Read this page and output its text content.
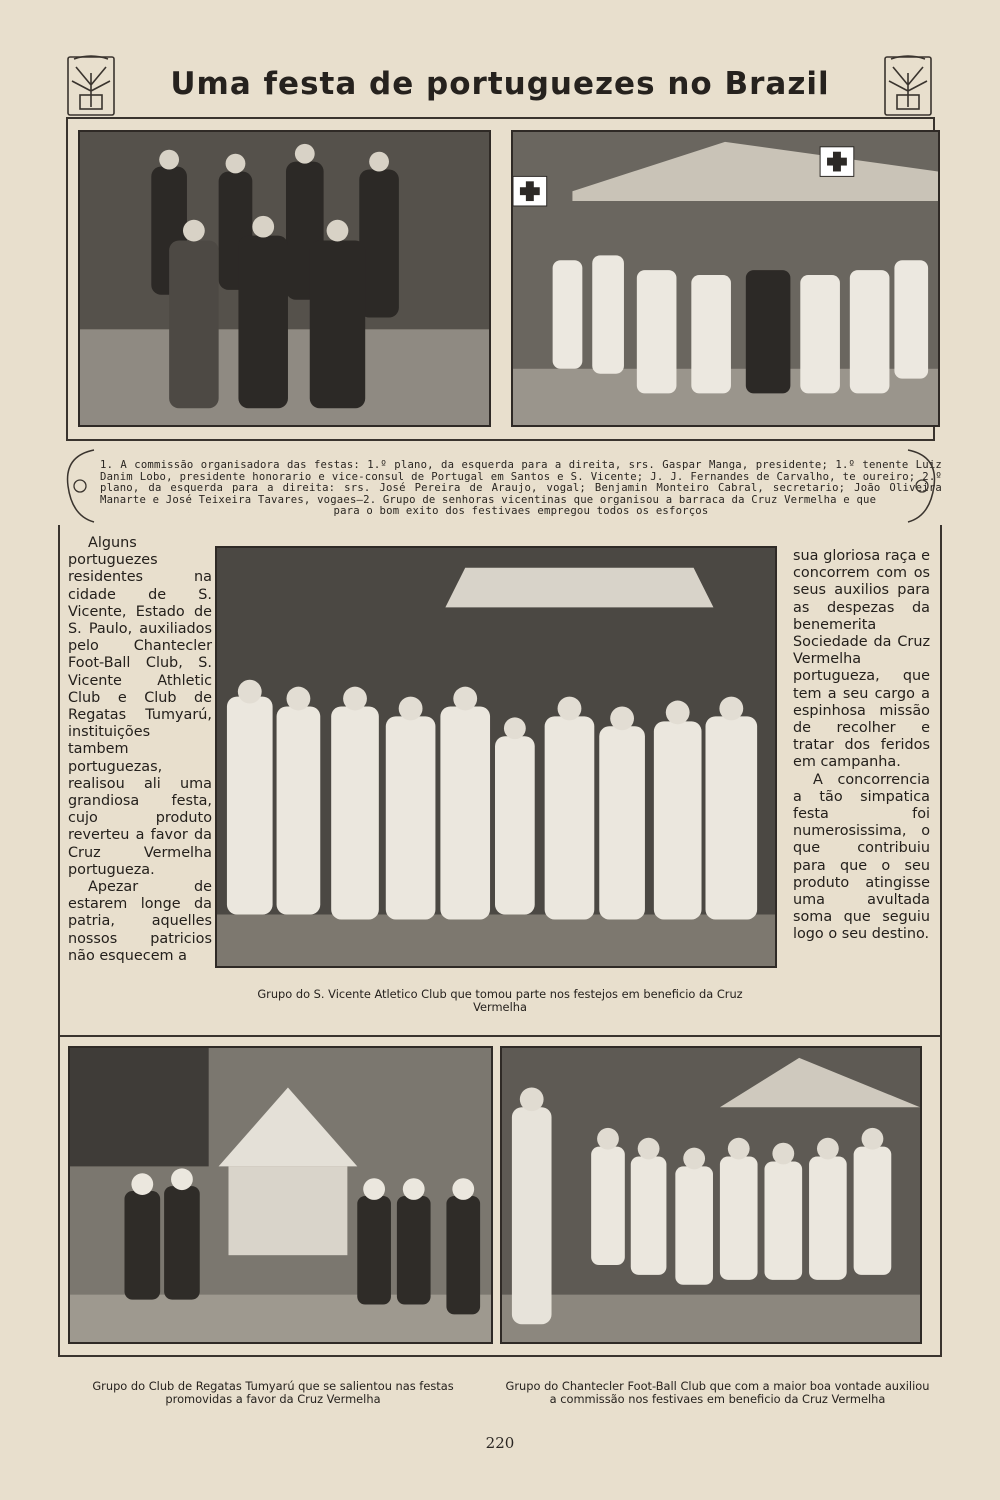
Uma festa de portuguezes no Brazil
1. A commissão organisadora das festas: 1.º plano, da esquerda para a direita, srs. Gaspar Manga, presidente; 1.º tenente Luiz Danim Lobo, presidente honorario e vice-consul de Portugal em Santos e S. Vicente; J. J. Fernandes de Carvalho, te oureiro; 2.º plano, da esquerda para a direita: srs. José Pereira de Araujo, vogal; Benjamin Monteiro Cabral, secretario; João Oliveira Manarte e José Teixeira Tavares, vogaes—2. Grupo de senhoras vicentinas que organisou a barraca da Cruz Vermelha e que
para o bom exito dos festivaes empregou todos os esforços

Alguns portuguezes residentes na cidade de S. Vicente, Estado de S. Paulo, auxiliados pelo Chantecler Foot-Ball Club, S. Vicente Athletic Club e Club de Regatas Tumyarú, instituições tambem portuguezas, realisou ali uma grandiosa festa, cujo produto reverteu a favor da Cruz Vermelha portugueza.

Apezar de estarem longe da patria, aquelles nossos patricios não esquecem a

sua gloriosa raça e concorrem com os seus auxilios para as despezas da benemerita Sociedade da Cruz Vermelha portugueza, que tem a seu cargo a espinhosa missão de recolher e tratar dos feridos em campanha.

A concorrencia a tão simpatica festa foi numerosissima, o que contribuiu para que o seu produto atingisse uma avultada soma que seguiu logo o seu destino.

Grupo do S. Vicente Atletico Club que tomou parte nos festejos em beneficio da Cruz Vermelha
Grupo do Club de Regatas Tumyarú que se salientou nas festas promovidas a favor da Cruz Vermelha
Grupo do Chantecler Foot-Ball Club que com a maior boa vontade auxiliou a commissão nos festivaes em beneficio da Cruz Vermelha
220
